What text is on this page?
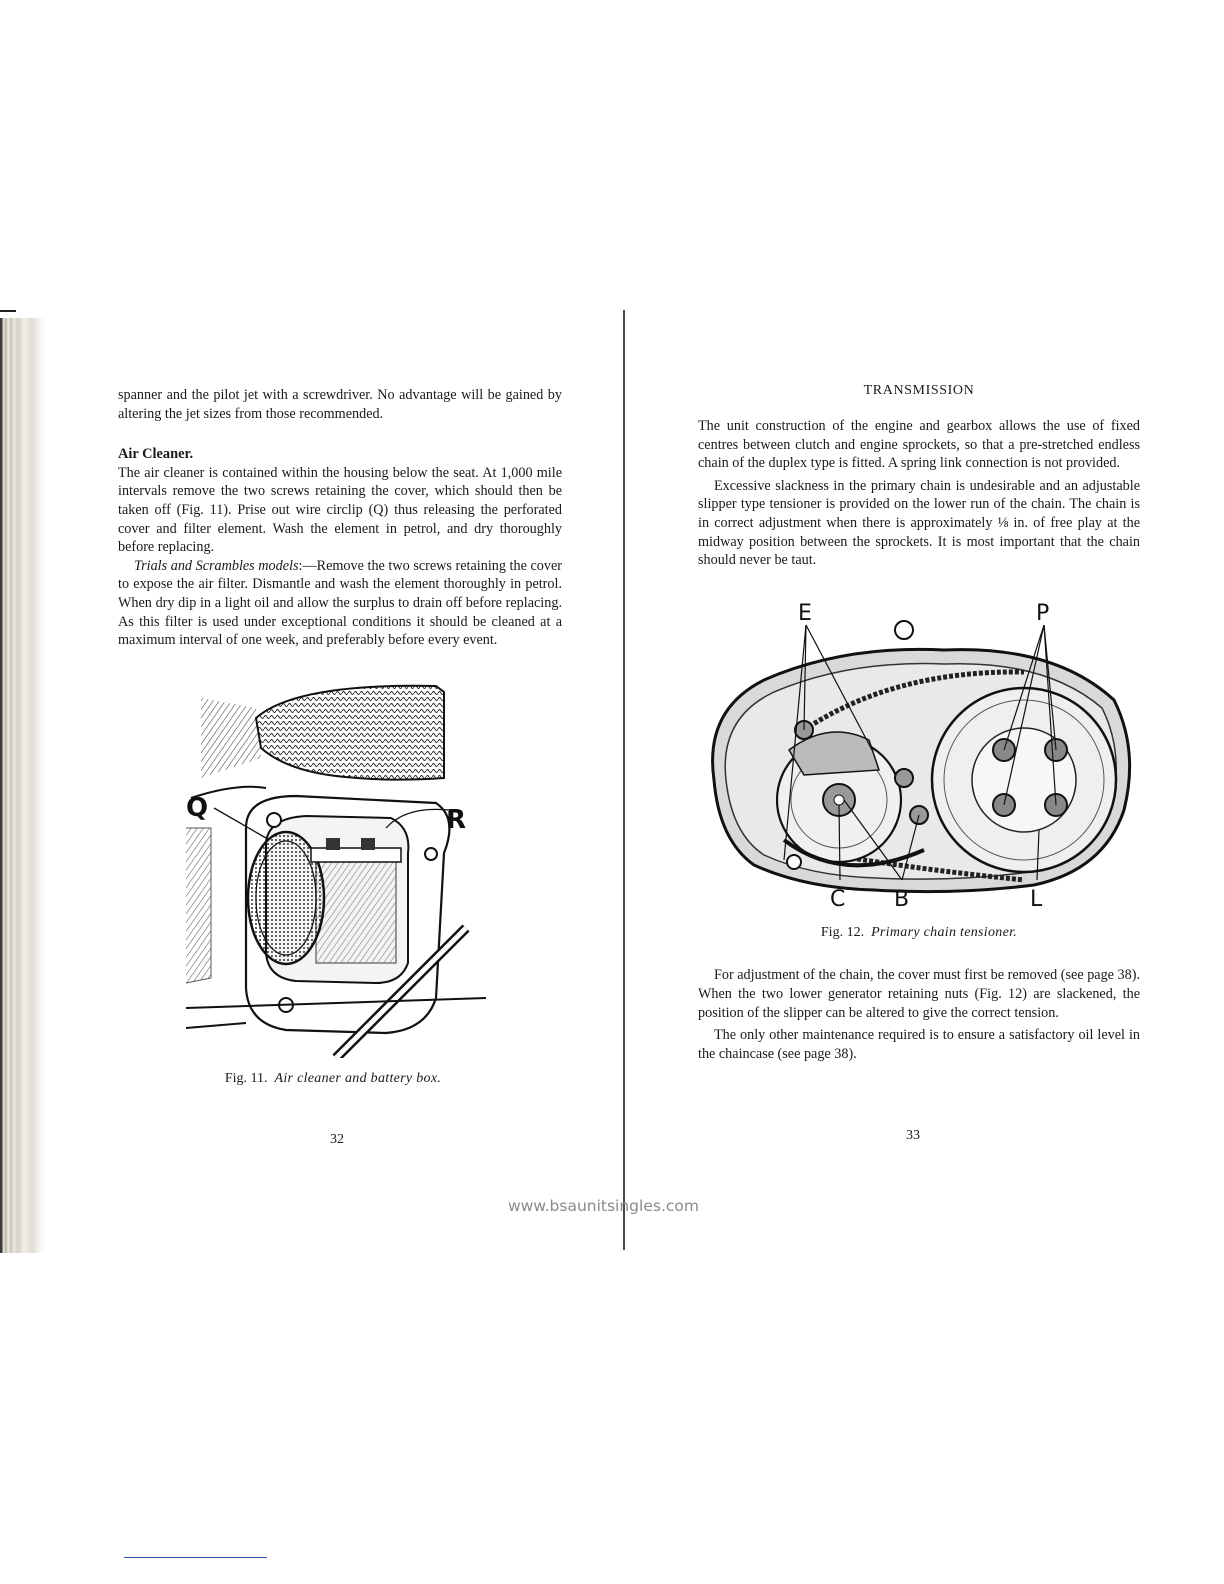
spanner and the pilot jet with a screwdriver. No advantage will be gained by altering the jet sizes from those recommended.

Air Cleaner.

The air cleaner is contained within the housing below the seat. At 1,000 mile intervals remove the two screws retaining the cover, which should then be taken off (Fig. 11). Prise out wire circlip (Q) thus releasing the perforated cover and filter element. Wash the element in petrol, and dry thoroughly before replacing.

Trials and Scrambles models:—Remove the two screws retaining the cover to expose the air filter. Dismantle and wash the element thoroughly in petrol. When dry dip in a light oil and allow the surplus to drain off before replacing. As this filter is used under exceptional conditions it should be cleaned at a maximum interval of one week, and preferably before every event.

Q	R

Fig. 11. Air cleaner and battery box.

32
TRANSMISSION

The unit construction of the engine and gearbox allows the use of fixed centres between clutch and engine sprockets, so that a pre-stretched endless chain of the duplex type is fitted. A spring link connection is not provided.

Excessive slackness in the primary chain is undesirable and an adjustable slipper type tensioner is provided on the lower run of the chain. The chain is in correct adjustment when there is approximately ⅛ in. of free play at the midway position between the sprockets. It is most important that the chain should never be taut.

E	P
C B	L

Fig. 12. Primary chain tensioner.

For adjustment of the chain, the cover must first be removed (see page 38). When the two lower generator retaining nuts (Fig. 12) are slackened, the position of the slipper can be altered to give the correct tension.

The only other maintenance required is to ensure a satisfactory oil level in the chaincase (see page 38).

33
www.bsaunitsingles.com
